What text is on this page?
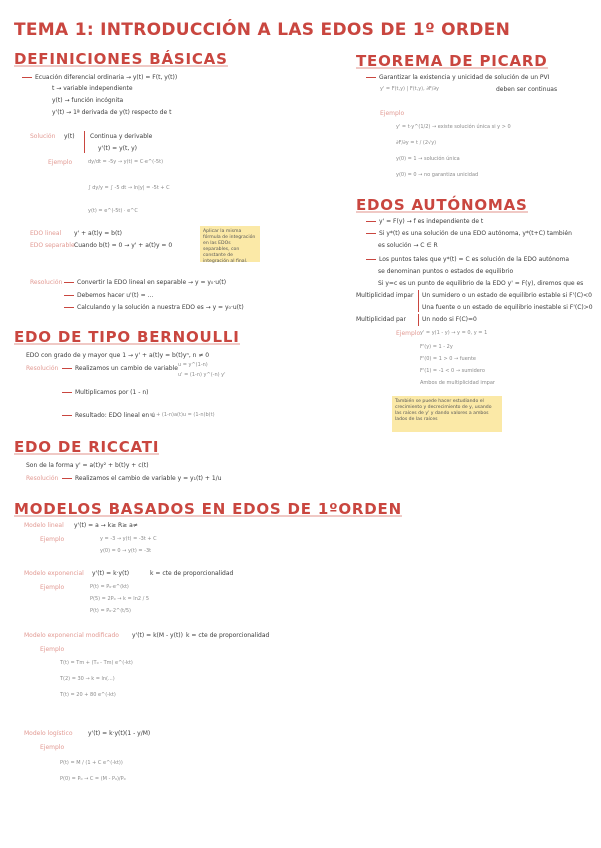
TEMA 1: INTRODUCCIÓN A LAS EDOS DE 1º ORDEN
DEFINICIONES BÁSICAS
Ecuación diferencial ordinaria → y(t) = F(t, y(t))
t → variable independiente
y(t) → función incógnita
y'(t) → 1ª derivada de y(t) respecto de t
Solución y(t)	Continua y derivable
y'(t) = y(t, y)
Ejemplo	dy/dt = -5y → y(t) = C·e^(-5t)
∫ dy/y = ∫ -5 dt → ln|y| = -5t + C
y(t) = e^(-5t) · e^C
EDO lineal y' + a(t)y = b(t)
EDO separable Cuando b(t) = 0 → y' + a(t)y = 0
Aplicar la misma fórmula de integración en las EDOs separables, con constante de integración al final.
Resolución	Convertir la EDO lineal en separable → y = y₀·u(t)
Debemos hacer u'(t) = ...
Calculando y la solución a nuestra EDO es → y = y₀·u(t)
EDO DE TIPO BERNOULLI
EDO con grado de y mayor que 1 → y' + a(t)y = b(t)yⁿ, n ≠ 0
Resolución	Realizamos un cambio de variable u = y^(1-n)
u' = (1-n) y^(-n) y'
Multiplicamos por (1 - n)
Resultado: EDO lineal en u
u' + (1-n)a(t)u = (1-n)b(t)
EDO DE RICCATI
Son de la forma y' = a(t)y² + b(t)y + c(t)
Resolución	Realizamos el cambio de variable y = y₁(t) + 1/u
MODELOS BASADOS EN EDOS DE 1ºORDEN
Modelo lineal y'(t) = a → k≥ R≥ a≠
Ejemplo	y = -3 → y(t) = -3t + C
y(0) = 0 → y(t) = -3t
Modelo exponencial y'(t) = k·y(t)	k = cte de proporcionalidad
Ejemplo	P(t) = P₀·e^(kt)
P(5) = 2P₀ → k = ln2 / 5
P(t) = P₀·2^(t/5)
Modelo exponencial modificado y'(t) = k(M - y(t)) k = cte de proporcionalidad
Ejemplo
T(t) = Tm + (T₀ - Tm) e^(-kt)
T(2) = 30 → k = ln(...)
T(t) = 20 + 80 e^(-kt)
Modelo logístico	y'(t) = k·y(t)(1 - y/M)
Ejemplo
P(t) = M / (1 + C e^(-kt))
P(0) = P₀ → C = (M - P₀)/P₀
TEOREMA DE PICARD
Garantizar la existencia y unicidad de solución de un PVI
y' = F(t,y) | F(t,y), ∂F/∂y	deben ser continuas
Ejemplo
y' = t·y^(1/2) → existe solución única si y > 0
∂F/∂y = t / (2√y)
y(0) = 1 → solución única
y(0) = 0 → no garantiza unicidad
EDOS AUTÓNOMAS
y' = F(y) → f es independiente de t
Si y*(t) es una solución de una EDO autónoma, y*(t+C) también
es solución → C ∈ R
Los puntos tales que y*(t) = C es solución de la EDO autónoma
se denominan puntos o estados de equilibrio
Si y=c es un punto de equilibrio de la EDO y' = F(y), diremos que es
Multiplicidad impar Un sumidero o un estado de equilibrio estable si F'(C)<0
Una fuente o un estado de equilibrio inestable si F'(C)>0
Multiplicidad par	Un nodo si F(C)=0
Ejemplo y' = y(1 - y) → y = 0, y = 1
F'(y) = 1 - 2y
F'(0) = 1 > 0 → fuente
F'(1) = -1 < 0 → sumidero
Ambos de multiplicidad impar
También se puede hacer estudiando el crecimiento y decrecimiento de y, usando las raíces de y' y dando valores a ambos lados de las raíces
